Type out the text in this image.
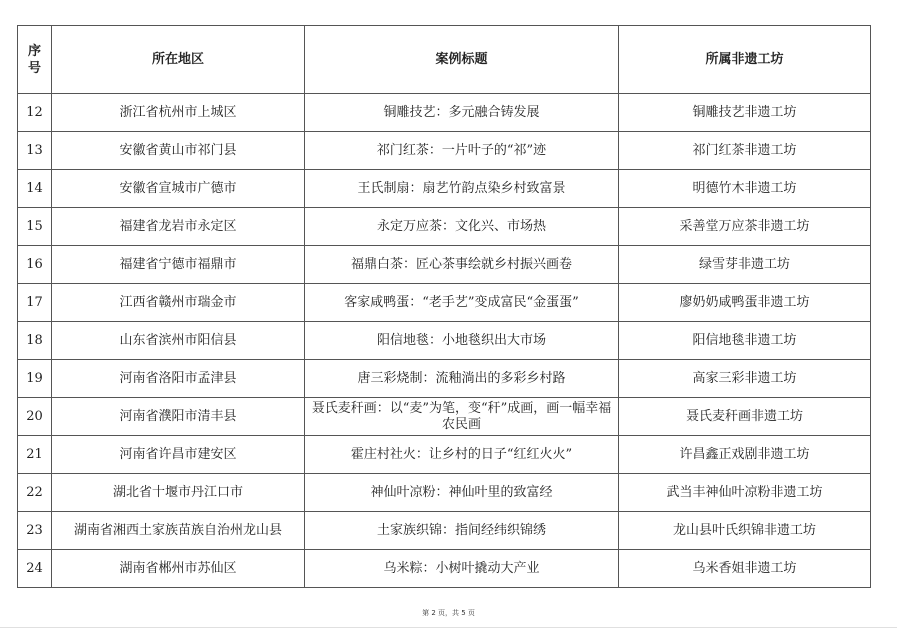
序
号	所在地区	案例标题	所属非遗工坊
12	浙江省杭州市上城区	铜雕技艺：多元融合铸发展	铜雕技艺非遗工坊
13	安徽省黄山市祁门县	祁门红茶：一片叶子的“祁”迹	祁门红茶非遗工坊
14	安徽省宣城市广德市	王氏制扇：扇艺竹韵点染乡村致富景	明德竹木非遗工坊
15	福建省龙岩市永定区	永定万应茶：文化兴、市场热	采善堂万应茶非遗工坊
16	福建省宁德市福鼎市	福鼎白茶：匠心茶事绘就乡村振兴画卷	绿雪芽非遗工坊
17	江西省赣州市瑞金市	客家咸鸭蛋：“老手艺”变成富民“金蛋蛋”	廖奶奶咸鸭蛋非遗工坊
18	山东省滨州市阳信县	阳信地毯：小地毯织出大市场	阳信地毯非遗工坊
19	河南省洛阳市孟津县	唐三彩烧制：流釉淌出的多彩乡村路	高家三彩非遗工坊
20	河南省濮阳市清丰县	聂氏麦秆画：以“麦”为笔，变“秆”成画，画一幅幸福农民画	聂氏麦秆画非遗工坊
21	河南省许昌市建安区	霍庄村社火：让乡村的日子“红红火火”	许昌鑫正戏剧非遗工坊
22	湖北省十堰市丹江口市	神仙叶凉粉：神仙叶里的致富经	武当丰神仙叶凉粉非遗工坊
23	湖南省湘西土家族苗族自治州龙山县	土家族织锦：指间经纬织锦绣	龙山县叶氏织锦非遗工坊
24	湖南省郴州市苏仙区	乌米粽：小树叶撬动大产业	乌米香姐非遗工坊
第 2 页，共 5 页
